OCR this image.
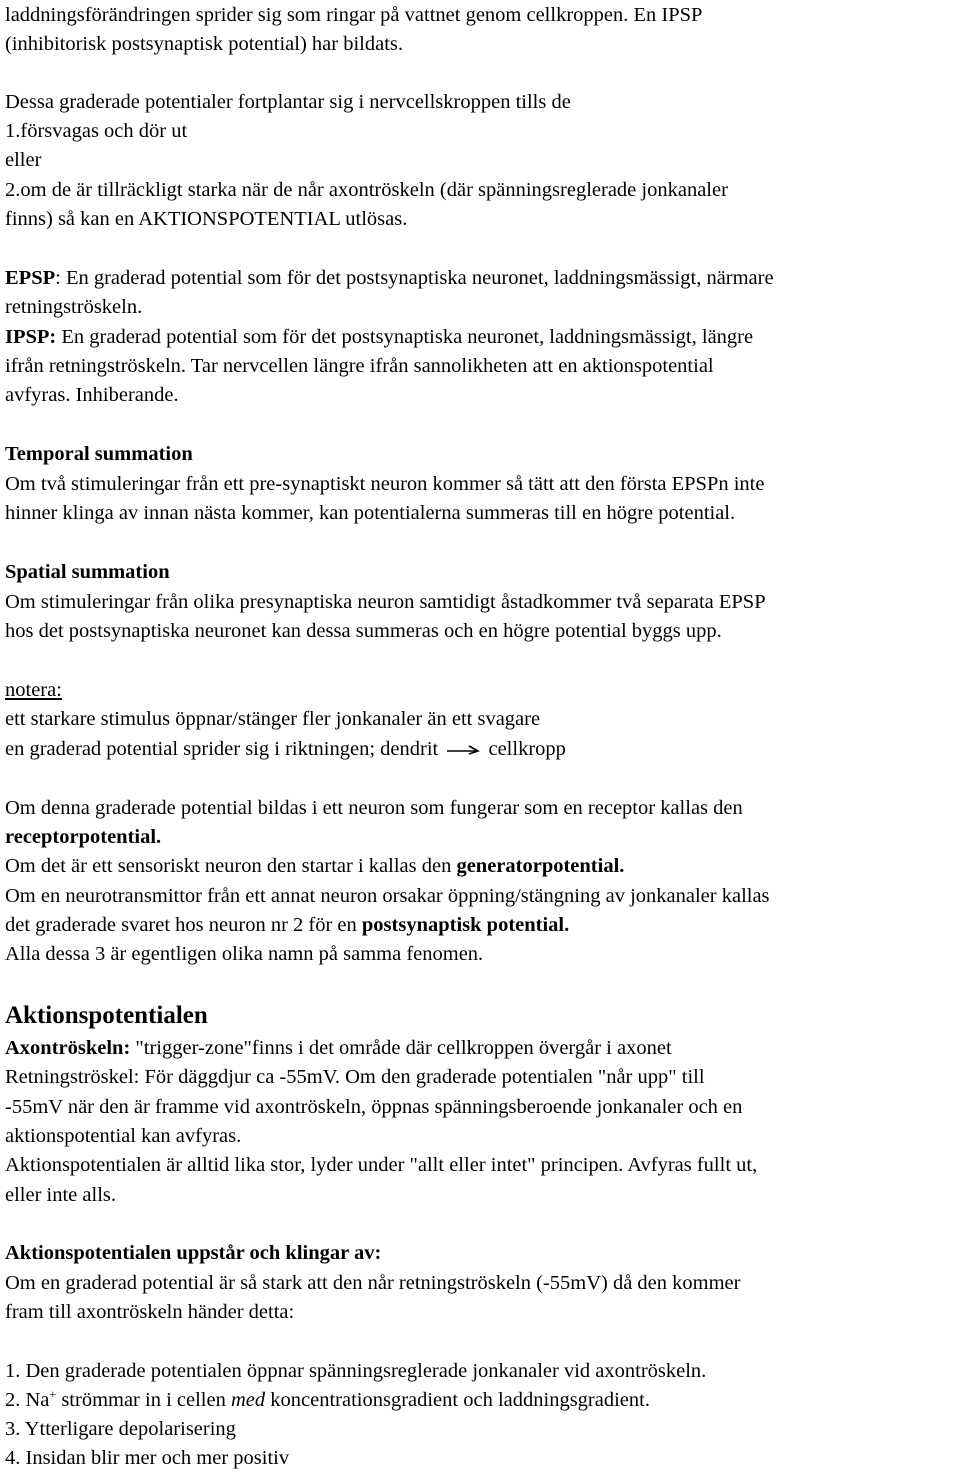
laddningsförändringen sprider sig som ringar på vattnet genom cellkroppen. En IPSP
(inhibitorisk postsynaptisk potential) har bildats.
Dessa graderade potentialer fortplantar sig i nervcellskroppen tills de
1.försvagas och dör ut
eller
2.om de är tillräckligt starka när de når axontröskeln (där spänningsreglerade jonkanaler
finns) så kan en AKTIONSPOTENTIAL utlösas.
EPSP: En graderad potential som för det postsynaptiska neuronet, laddningsmässigt, närmare
retningströskeln.
IPSP: En graderad potential som för det postsynaptiska neuronet, laddningsmässigt, längre
ifrån retningströskeln. Tar nervcellen längre ifrån sannolikheten att en aktionspotential
avfyras. Inhiberande.
Temporal summation
Om två stimuleringar från ett pre-synaptiskt neuron kommer så tätt att den första EPSPn inte
hinner klinga av innan nästa kommer, kan potentialerna summeras till en högre potential.
Spatial summation
Om stimuleringar från olika presynaptiska neuron samtidigt åstadkommer två separata EPSP
hos det postsynaptiska neuronet kan dessa summeras och en högre potential byggs upp.
notera:
ett starkare stimulus öppnar/stänger fler jonkanaler än ett svagare
en graderad potential sprider sig i riktningen; dendrit cellkropp
Om denna graderade potential bildas i ett neuron som fungerar som en receptor kallas den
receptorpotential.
Om det är ett sensoriskt neuron den startar i kallas den generatorpotential.
Om en neurotransmittor från ett annat neuron orsakar öppning/stängning av jonkanaler kallas
det graderade svaret hos neuron nr 2 för en postsynaptisk potential.
Alla dessa 3 är egentligen olika namn på samma fenomen.
Aktionspotentialen
Axontröskeln: "trigger-zone"finns i det område där cellkroppen övergår i axonet
Retningströskel: För däggdjur ca -55mV. Om den graderade potentialen "når upp" till
-55mV när den är framme vid axontröskeln, öppnas spänningsberoende jonkanaler och en
aktionspotential kan avfyras.
Aktionspotentialen är alltid lika stor, lyder under "allt eller intet" principen. Avfyras fullt ut,
eller inte alls.
Aktionspotentialen uppstår och klingar av:
Om en graderad potential är så stark att den når retningströskeln (-55mV) då den kommer
fram till axontröskeln händer detta:
1. Den graderade potentialen öppnar spänningsreglerade jonkanaler vid axontröskeln.
2. Na+ strömmar in i cellen med koncentrationsgradient och laddningsgradient.
3. Ytterligare depolarisering
4. Insidan blir mer och mer positiv
